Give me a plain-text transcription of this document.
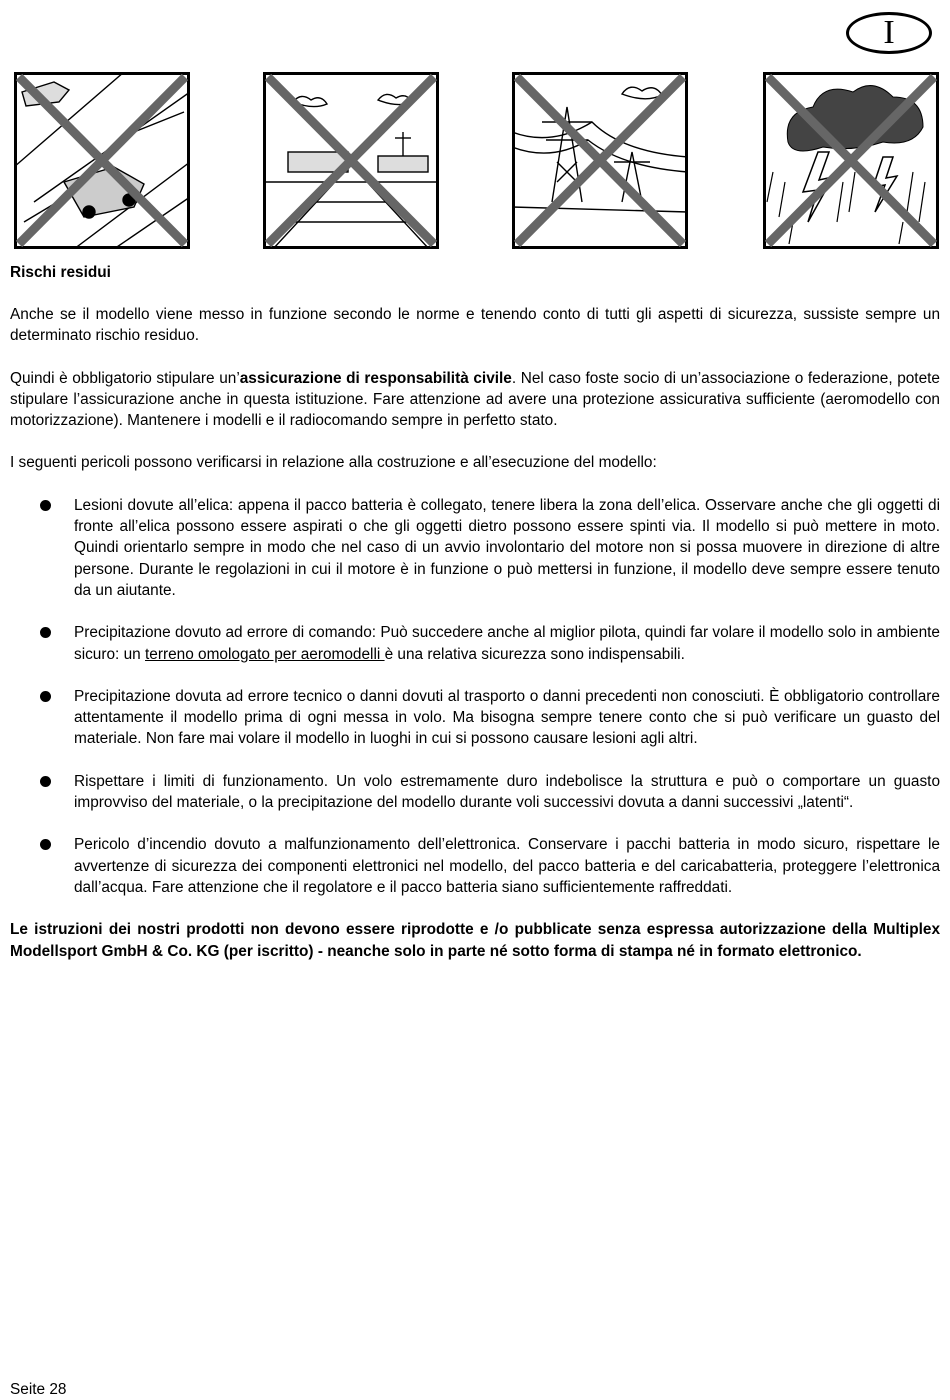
I
Rischi residui

Anche se il modello viene messo in funzione secondo le norme e tenendo conto di tutti gli aspetti di sicurezza, sussiste sempre un determinato rischio residuo.

Quindi è obbligatorio stipulare un’assicurazione di responsabilità civile. Nel caso foste socio di un’associazione o federazione, potete stipulare l’assicurazione anche in questa istituzione. Fare attenzione ad avere una protezione assicurativa sufficiente (aeromodello con motorizzazione). Mantenere i modelli e il radiocomando sempre in perfetto stato.

I seguenti pericoli possono verificarsi in relazione alla costruzione e all’esecuzione del modello:

Lesioni dovute all’elica: appena il pacco batteria è collegato, tenere libera la zona dell’elica. Osservare anche che gli oggetti di fronte all’elica possono essere aspirati o che gli oggetti dietro possono essere spinti via. Il modello si può mettere in moto. Quindi orientarlo sempre in modo che nel caso di un avvio involontario del motore non si possa muovere in direzione di altre persone. Durante le regolazioni in cui il motore è in funzione o può mettersi in funzione, il modello deve sempre essere tenuto da un aiutante.

Precipitazione dovuto ad errore di comando: Può succedere anche al miglior pilota, quindi far volare il modello solo in ambiente sicuro: un terreno omologato per aeromodelli è una relativa sicurezza sono indispensabili.

Precipitazione dovuta ad errore tecnico o danni dovuti al trasporto o danni precedenti non conosciuti. È obbligatorio controllare attentamente il modello prima di ogni messa in volo. Ma bisogna sempre tenere conto che si può verificare un guasto del materiale. Non fare mai volare il modello in luoghi in cui si possono causare lesioni agli altri.

Rispettare i limiti di funzionamento. Un volo estremamente duro indebolisce la struttura e può o comportare un guasto improvviso del materiale, o la precipitazione del modello durante voli successivi dovuta a danni successivi „latenti“.

Pericolo d’incendio dovuto a malfunzionamento dell’elettronica. Conservare i pacchi batteria in modo sicuro, rispettare le avvertenze di sicurezza dei componenti elettronici nel modello, del pacco batteria e del caricabatteria, proteggere l’elettronica dall’acqua. Fare attenzione che il regolatore e il pacco batteria siano sufficientemente raffreddati.

Le istruzioni dei nostri prodotti non devono essere riprodotte e /o pubblicate senza espressa autorizzazione della Multiplex Modellsport GmbH & Co. KG (per iscritto) - neanche solo in parte né sotto forma di stampa né in formato elettronico.

Seite 28
